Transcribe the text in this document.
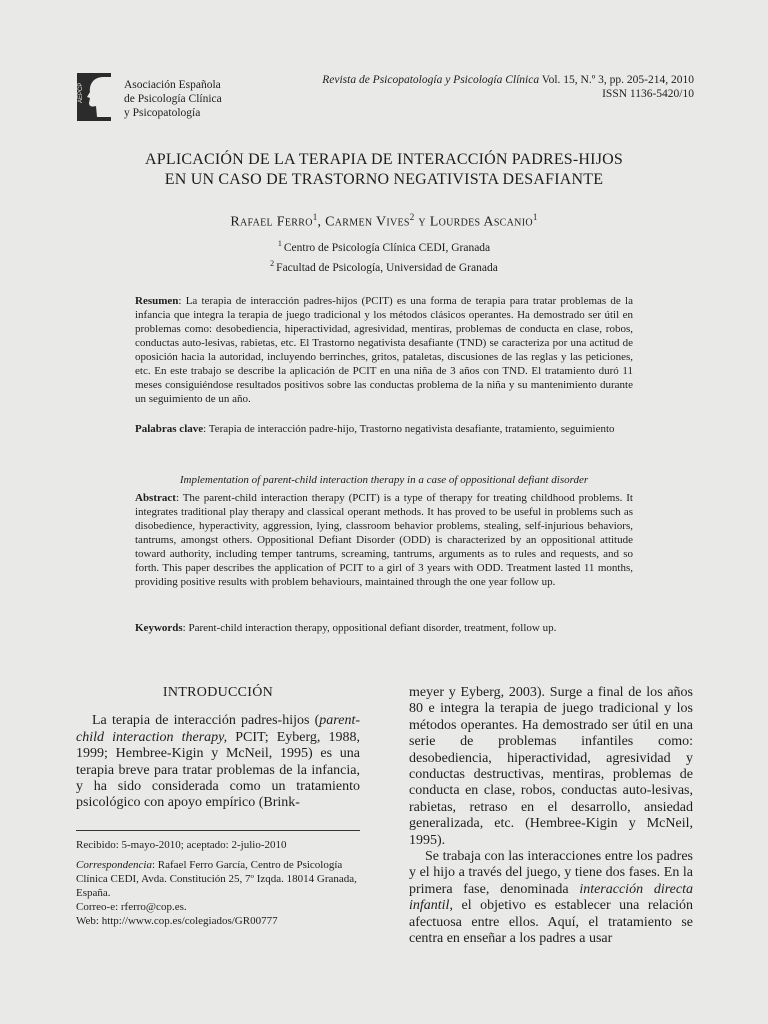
AEPCP	Asociación Española
de Psicología Clínica
y Psicopatología
Revista de Psicopatología y Psicología Clínica Vol. 15, N.º 3, pp. 205-214, 2010
ISSN 1136-5420/10
APLICACIÓN DE LA TERAPIA DE INTERACCIÓN PADRES-HIJOS
EN UN CASO DE TRASTORNO NEGATIVISTA DESAFIANTE
Rafael Ferro$^1$, Carmen Vives$^2$ y Lourdes Ascanio$^1$
$^1$ Centro de Psicología Clínica CEDI, Granada
$^2$ Facultad de Psicología, Universidad de Granada
Resumen: La terapia de interacción padres-hijos (PCIT) es una forma de terapia para tratar problemas de la infancia que integra la terapia de juego tradicional y los métodos clásicos operantes. Ha demostrado ser útil en problemas como: desobediencia, hiperactividad, agresividad, mentiras, problemas de conducta en clase, robos, conductas auto-lesivas, rabietas, etc. El Trastorno negativista desafiante (TND) se caracteriza por una actitud de oposición hacia la autoridad, incluyendo berrinches, gritos, pataletas, discusiones de las reglas y las peticiones, etc. En este trabajo se describe la aplicación de PCIT en una niña de 3 años con TND. El tratamiento duró 11 meses consiguiéndose resultados positivos sobre las conductas problema de la niña y su mantenimiento durante un seguimiento de un año.
Palabras clave: Terapia de interacción padre-hijo, Trastorno negativista desafiante, tratamiento, seguimiento
Implementation of parent-child interaction therapy in a case of oppositional defiant disorder
Abstract: The parent-child interaction therapy (PCIT) is a type of therapy for treating childhood problems. It integrates traditional play therapy and classical operant methods. It has proved to be useful in problems such as disobedience, hyperactivity, aggression, lying, classroom behavior problems, stealing, self-injurious behaviors, tantrums, amongst others. Oppositional Defiant Disorder (ODD) is characterized by an oppositional attitude toward authority, including temper tantrums, screaming, tantrums, arguments as to rules and requests, and so forth. This paper describes the application of PCIT to a girl of 3 years with ODD. Treatment lasted 11 months, providing positive results with problem behaviours, maintained through the one year follow up.
Keywords: Parent-child interaction therapy, oppositional defiant disorder, treatment, follow up.
INTRODUCCIÓN

La terapia de interacción padres-hijos (parent-child interaction therapy, PCIT; Eyberg, 1988, 1999; Hembree-Kigin y McNeil, 1995) es una terapia breve para tratar problemas de la infancia, y ha sido considerada como un tratamiento psicológico con apoyo empírico (Brink-

Recibido: 5-mayo-2010; aceptado: 2-julio-2010
Correspondencia: Rafael Ferro García, Centro de Psicología Clínica CEDI, Avda. Constitución 25, 7º Izqda. 18014 Granada, España.
Correo-e: rferro@cop.es.
Web: http://www.cop.es/colegiados/GR00777

meyer y Eyberg, 2003). Surge a final de los años 80 e integra la terapia de juego tradicional y los métodos operantes. Ha demostrado ser útil en una serie de problemas infantiles como: desobediencia, hiperactividad, agresividad y conductas destructivas, mentiras, problemas de conducta en clase, robos, conductas auto-lesivas, rabietas, retraso en el desarrollo, ansiedad generalizada, etc. (Hembree-Kigin y McNeil, 1995).

Se trabaja con las interacciones entre los padres y el hijo a través del juego, y tiene dos fases. En la primera fase, denominada interacción directa infantil, el objetivo es establecer una relación afectuosa entre ellos. Aquí, el tratamiento se centra en enseñar a los padres a usar
